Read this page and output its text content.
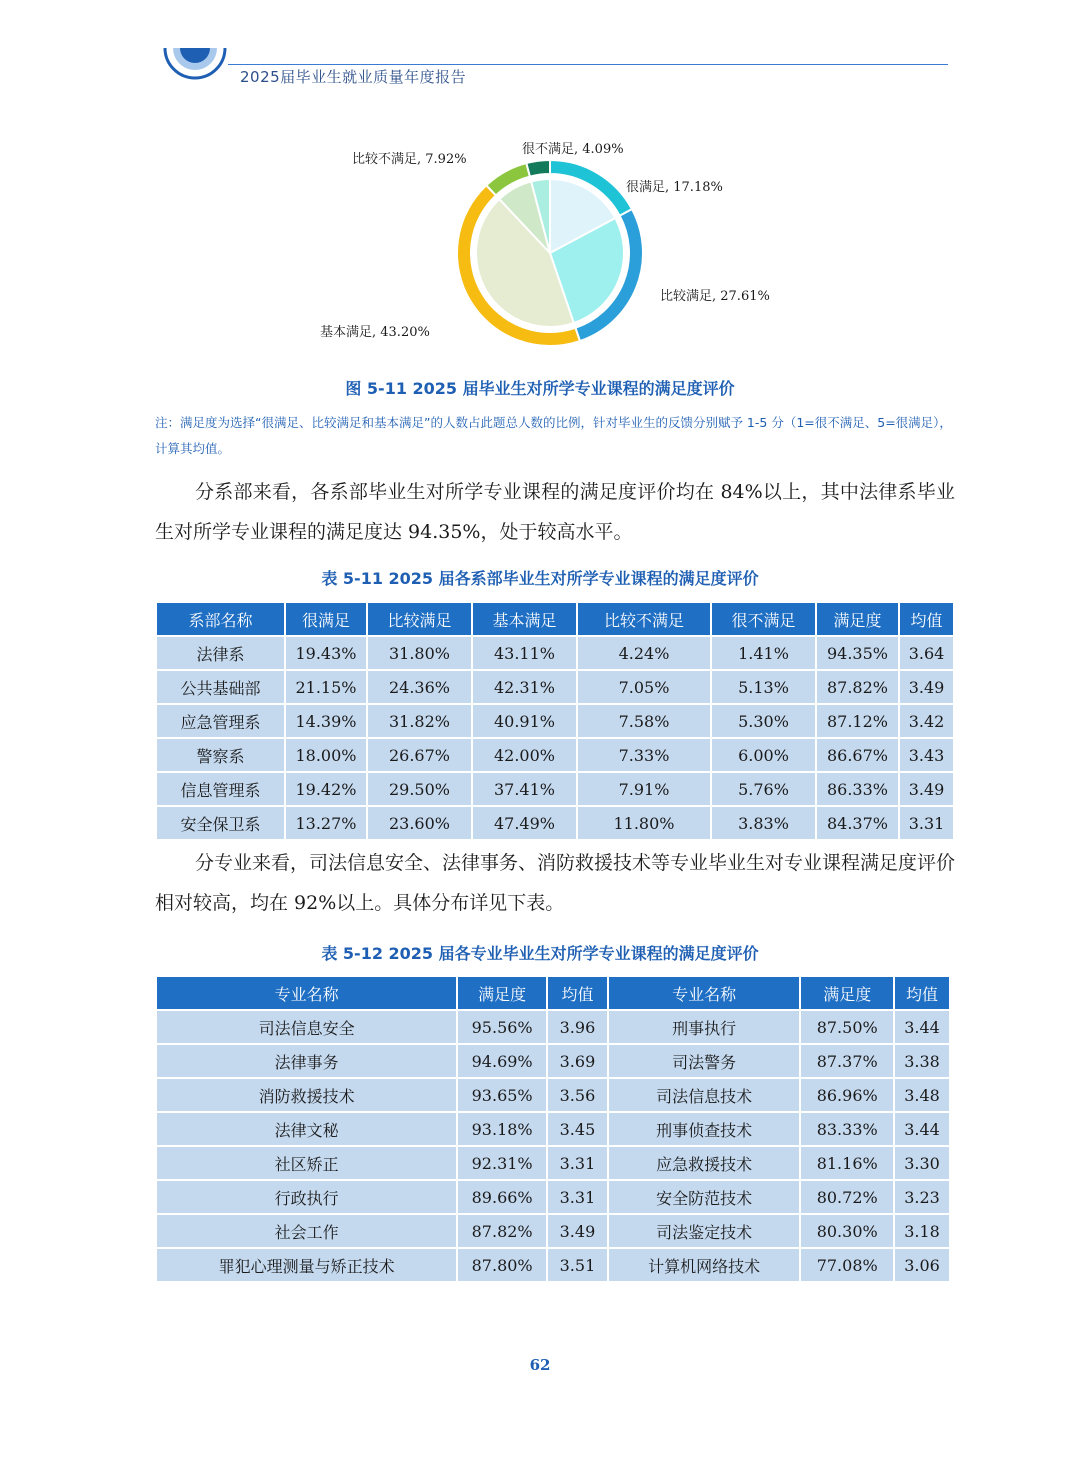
2025届毕业生就业质量年度报告
很满足, 17.18%
比较满足, 27.61%
基本满足, 43.20%
比较不满足, 7.92%
很不满足, 4.09%
图 5-11 2025 届毕业生对所学专业课程的满足度评价
注：满足度为选择“很满足、比较满足和基本满足”的人数占此题总人数的比例，针对毕业生的反馈分别赋予 1-5 分（1=很不满足、5=很满足），计算其均值。
分系部来看，各系部毕业生对所学专业课程的满足度评价均在 84%以上，其中法律系毕业生对所学专业课程的满足度达 94.35%，处于较高水平。
表 5-11 2025 届各系部毕业生对所学专业课程的满足度评价
系部名称	很满足	比较满足	基本满足	比较不满足	很不满足	满足度	均值
法律系	19.43%	31.80%	43.11%	4.24%	1.41%	94.35%	3.64
公共基础部	21.15%	24.36%	42.31%	7.05%	5.13%	87.82%	3.49
应急管理系	14.39%	31.82%	40.91%	7.58%	5.30%	87.12%	3.42
警察系	18.00%	26.67%	42.00%	7.33%	6.00%	86.67%	3.43
信息管理系	19.42%	29.50%	37.41%	7.91%	5.76%	86.33%	3.49
安全保卫系	13.27%	23.60%	47.49%	11.80%	3.83%	84.37%	3.31
分专业来看，司法信息安全、法律事务、消防救援技术等专业毕业生对专业课程满足度评价相对较高，均在 92%以上。具体分布详见下表。
表 5-12 2025 届各专业毕业生对所学专业课程的满足度评价
专业名称	满足度	均值	专业名称	满足度	均值
司法信息安全	95.56%	3.96	刑事执行	87.50%	3.44
法律事务	94.69%	3.69	司法警务	87.37%	3.38
消防救援技术	93.65%	3.56	司法信息技术	86.96%	3.48
法律文秘	93.18%	3.45	刑事侦查技术	83.33%	3.44
社区矫正	92.31%	3.31	应急救援技术	81.16%	3.30
行政执行	89.66%	3.31	安全防范技术	80.72%	3.23
社会工作	87.82%	3.49	司法鉴定技术	80.30%	3.18
罪犯心理测量与矫正技术	87.80%	3.51	计算机网络技术	77.08%	3.06
62
